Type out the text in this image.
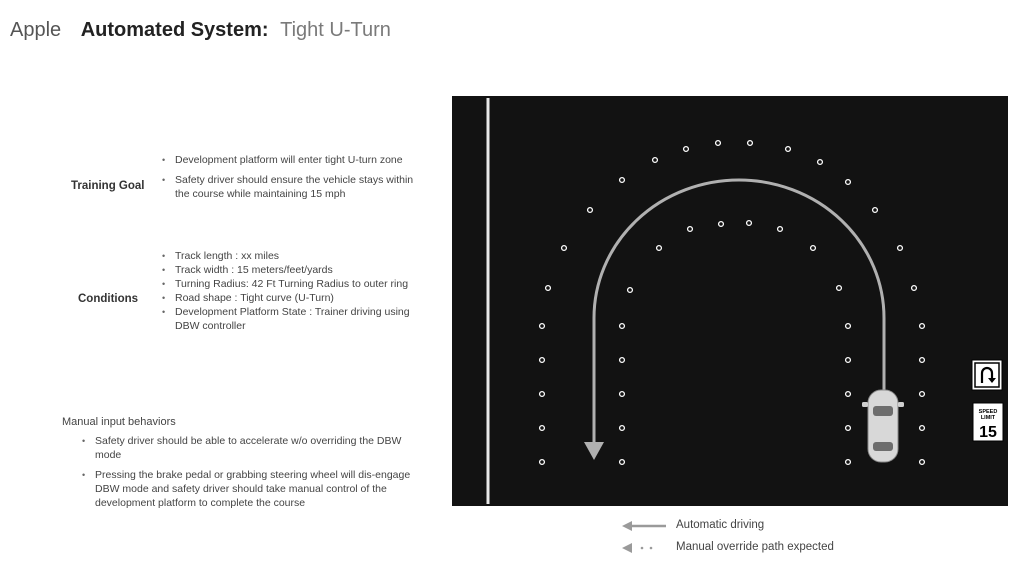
Apple Automated System: Tight U-Turn
Training Goal
• Development platform will enter tight U-turn zone
• Safety driver should ensure the vehicle stays within the course while maintaining 15 mph
Conditions
• Track length : xx miles
• Track width : 15 meters/feet/yards
• Turning Radius: 42 Ft Turning Radius to outer ring
• Road shape : Tight curve (U-Turn)
• Development Platform State : Trainer driving using DBW controller
Manual input behaviors
• Safety driver should be able to accelerate w/o overriding the DBW mode
• Pressing the brake pedal or grabbing steering wheel will dis-engage DBW mode and safety driver should take manual control of the development platform to complete the course
SPEED LIMIT
15
Automatic driving
Manual override path expected
